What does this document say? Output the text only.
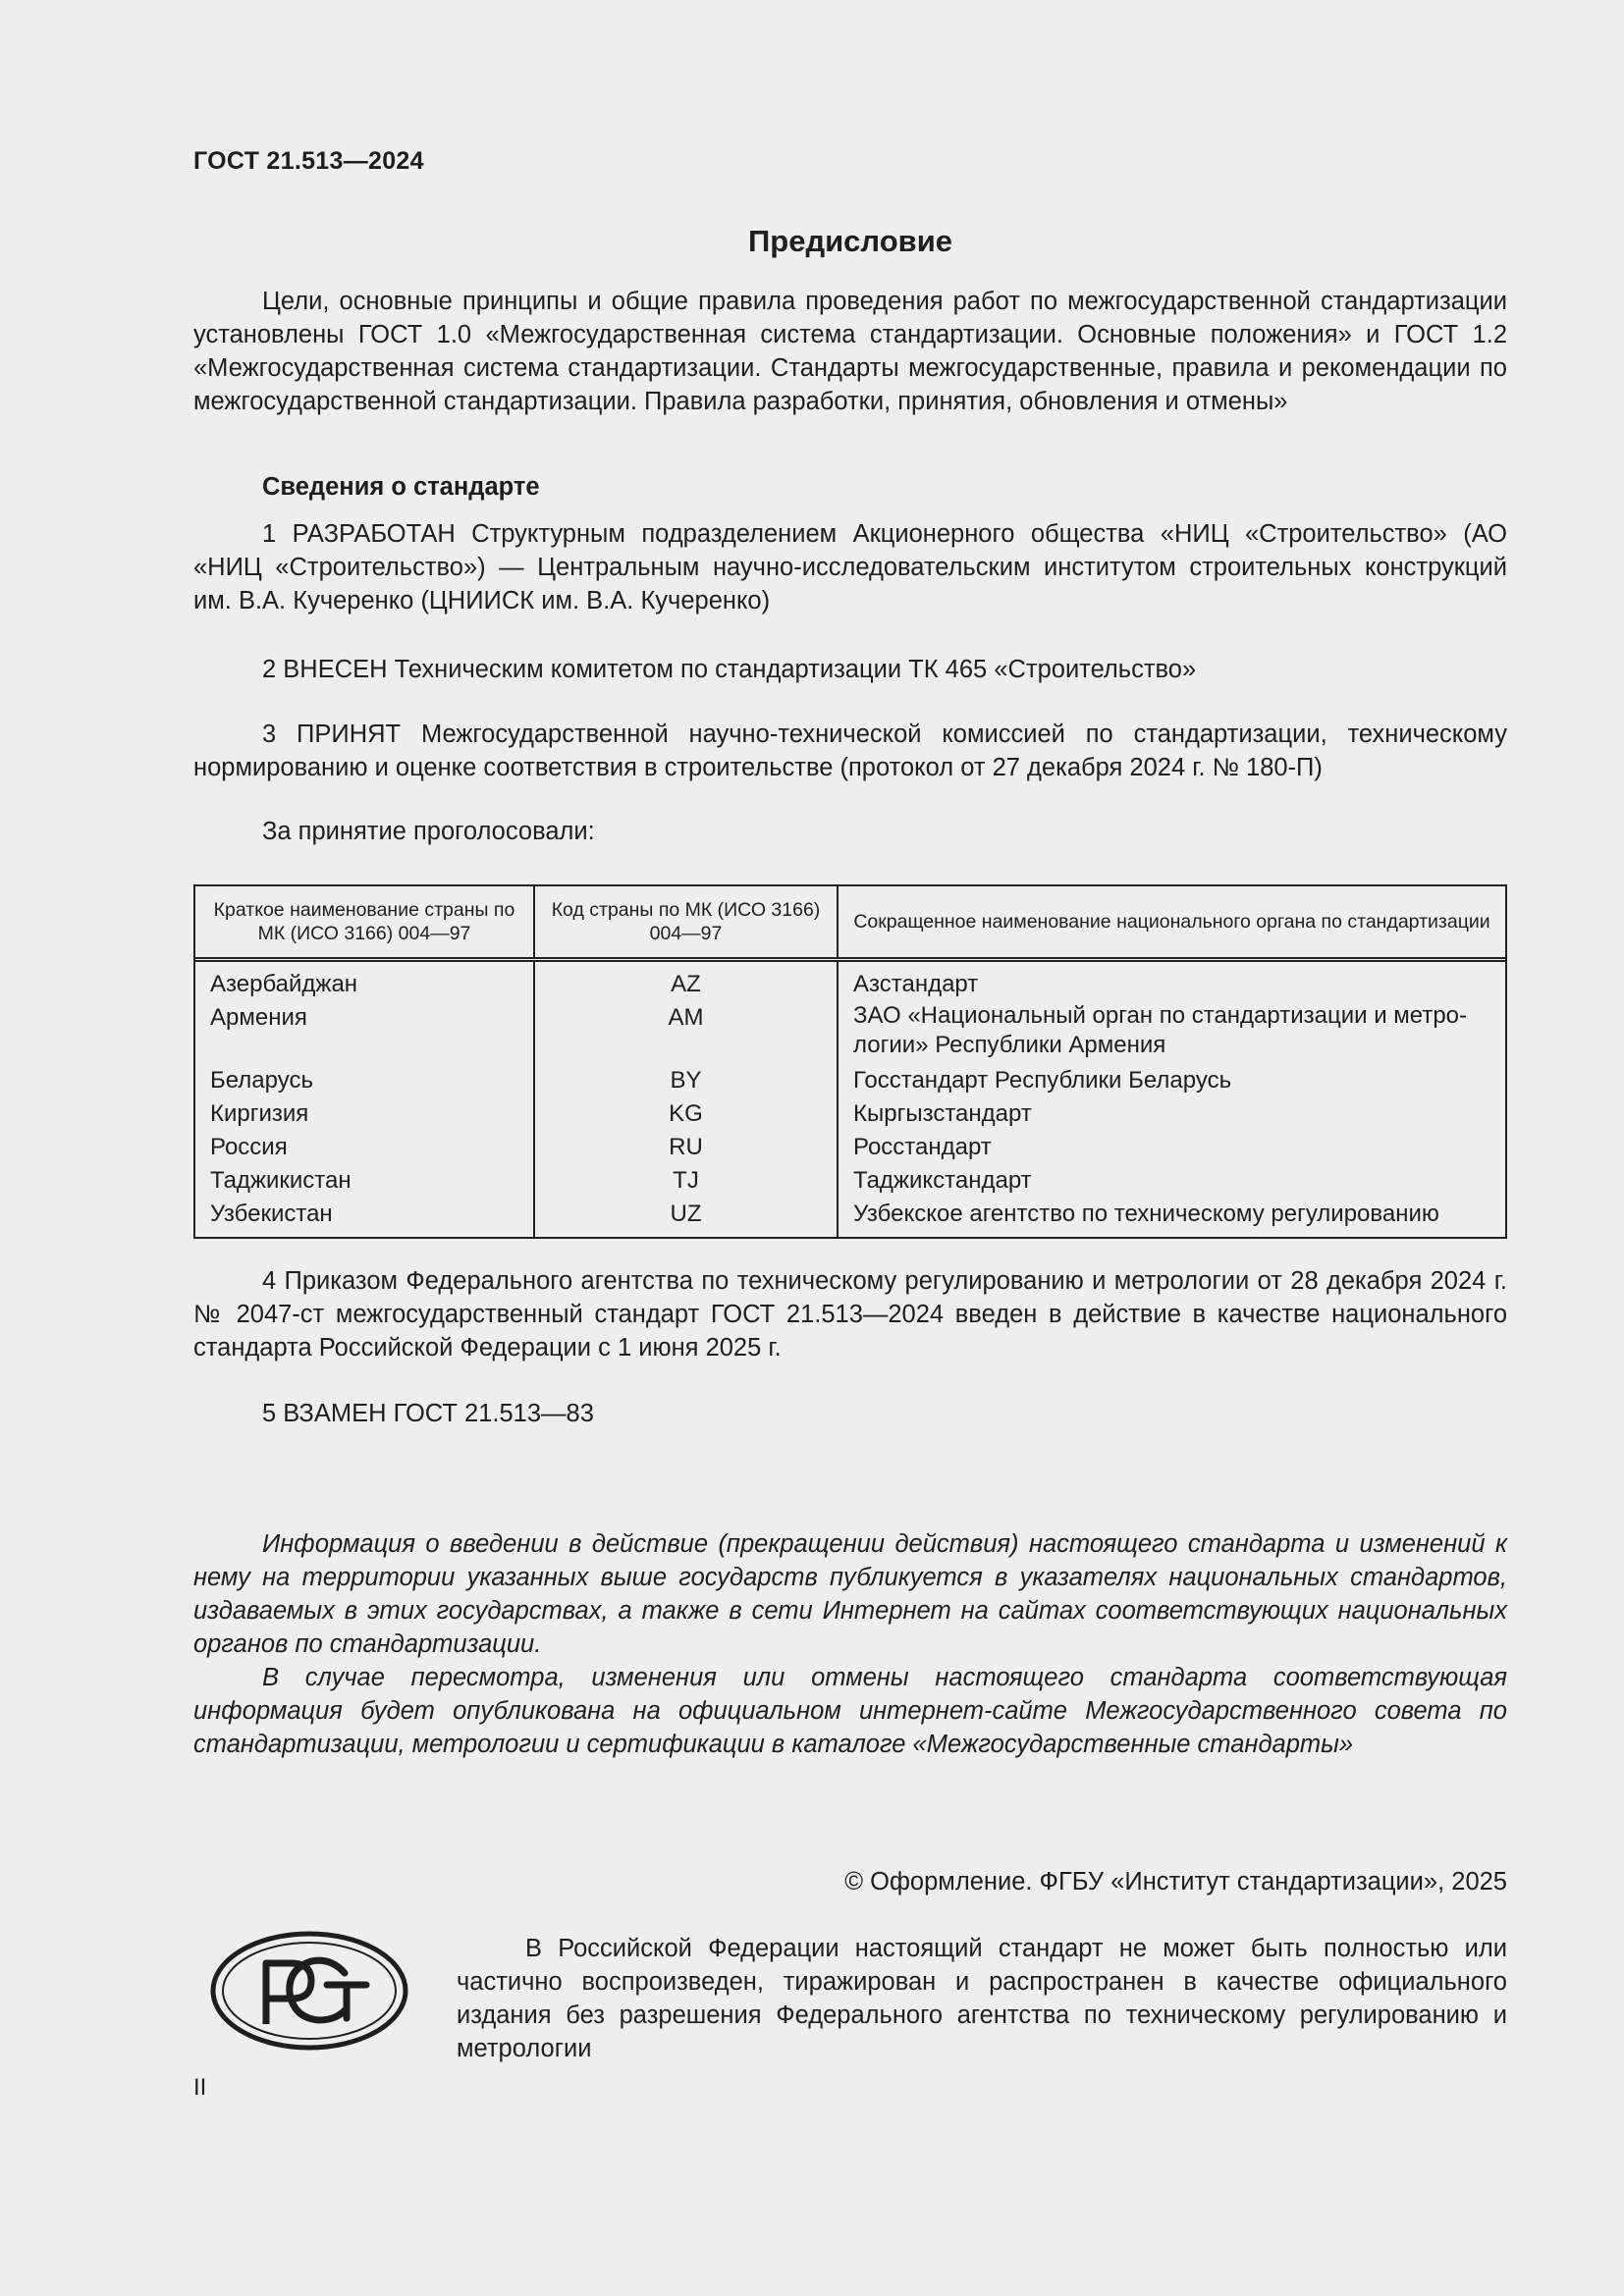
ГОСТ 21.513—2024
Предисловие

Цели, основные принципы и общие правила проведения работ по межгосударственной стандартизации установлены ГОСТ 1.0 «Межгосударственная система стандартизации. Основные положения» и ГОСТ 1.2 «Межгосударственная система стандартизации. Стандарты межгосударственные, правила и рекомендации по межгосударственной стандартизации. Правила разработки, принятия, обновления и отмены»

Сведения о стандарте

1 РАЗРАБОТАН Структурным подразделением Акционерного общества «НИЦ «Строительство» (АО «НИЦ «Строительство») — Центральным научно-исследовательским институтом строительных конструкций им. В.А. Кучеренко (ЦНИИСК им. В.А. Кучеренко)

2 ВНЕСЕН Техническим комитетом по стандартизации ТК 465 «Строительство»

3 ПРИНЯТ Межгосударственной научно-технической комиссией по стандартизации, техническому нормированию и оценке соответствия в строительстве (протокол от 27 декабря 2024 г. № 180-П)

За принятие проголосовали:

Краткое наименование страны по МК (ИСО 3166) 004—97
Код страны по МК (ИСО 3166) 004—97
Сокращенное наименование национального органа по стандартизации
Азербайджан
Армения
Беларусь
Киргизия
Россия
Таджикистан
Узбекистан
AZ
AM
BY
KG
RU
TJ
UZ
Азстандарт
ЗАО «Национальный орган по стандартизации и метрологии» Республики Армения
Госстандарт Республики Беларусь
Кыргызстандарт
Росстандарт
Таджикстандарт
Узбекское агентство по техническому регулированию

4 Приказом Федерального агентства по техническому регулированию и метрологии от 28 декабря 2024 г. № 2047-ст межгосударственный стандарт ГОСТ 21.513—2024 введен в действие в качестве национального стандарта Российской Федерации с 1 июня 2025 г.

5 ВЗАМЕН ГОСТ 21.513—83

Информация о введении в действие (прекращении действия) настоящего стандарта и изменений к нему на территории указанных выше государств публикуется в указателях национальных стандартов, издаваемых в этих государствах, а также в сети Интернет на сайтах соответствующих национальных органов по стандартизации.

В случае пересмотра, изменения или отмены настоящего стандарта соответствующая информация будет опубликована на официальном интернет-сайте Межгосударственного совета по стандартизации, метрологии и сертификации в каталоге «Межгосударственные стандарты»

© Оформление. ФГБУ «Институт стандартизации», 2025

В Российской Федерации настоящий стандарт не может быть полностью или частично воспроизведен, тиражирован и распространен в качестве официального издания без разрешения Федерального агентства по техническому регулированию и метрологии

II
